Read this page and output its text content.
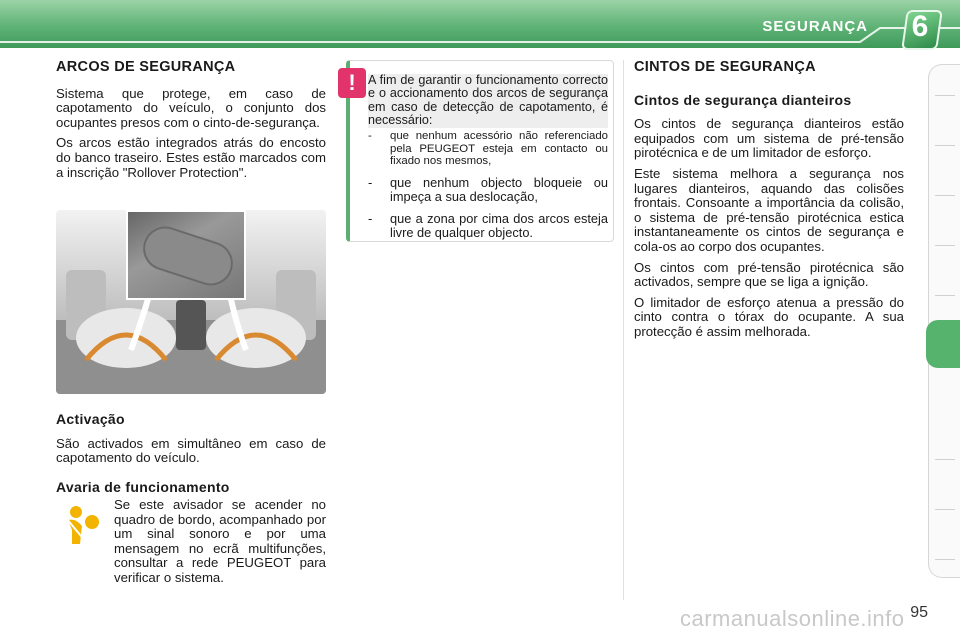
SEGURANÇA 6
ARCOS DE SEGURANÇA

Sistema que protege, em caso de capotamento do veículo, o conjunto dos ocupantes presos com o cinto-de-segurança.

Os arcos estão integrados atrás do encosto do banco traseiro. Estes estão marcados com a inscrição "Rollover Protection".

Activação

São activados em simultâneo em caso de capotamento do veículo.

Avaria de funcionamento
Se este avisador se acender no quadro de bordo, acompanhado por um sinal sonoro e por uma mensagem no ecrã multifunções, consultar a rede PEUGEOT para verificar o sistema.
! A fim de garantir o funcionamento correcto e o accionamento dos arcos de segurança em caso de detecção de capotamento, é necessário:
- que nenhum acessório não referenciado pela PEUGEOT esteja em contacto ou fixado nos mesmos,
- que nenhum objecto bloqueie ou impeça a sua deslocação,
- que a zona por cima dos arcos esteja livre de qualquer objecto.
CINTOS DE SEGURANÇA
Cintos de segurança dianteiros

Os cintos de segurança dianteiros estão equipados com um sistema de pré-tensão pirotécnica e de um limitador de esforço.

Este sistema melhora a segurança nos lugares dianteiros, aquando das colisões frontais. Consoante a importância da colisão, o sistema de pré-tensão pirotécnica estica instantaneamente os cintos de segurança e cola-os ao corpo dos ocupantes.

Os cintos com pré-tensão pirotécnica são activados, sempre que se liga a ignição.

O limitador de esforço atenua a pressão do cinto contra o tórax do ocupante. A sua protecção é assim melhorada.

carmanualsonline.info 95
